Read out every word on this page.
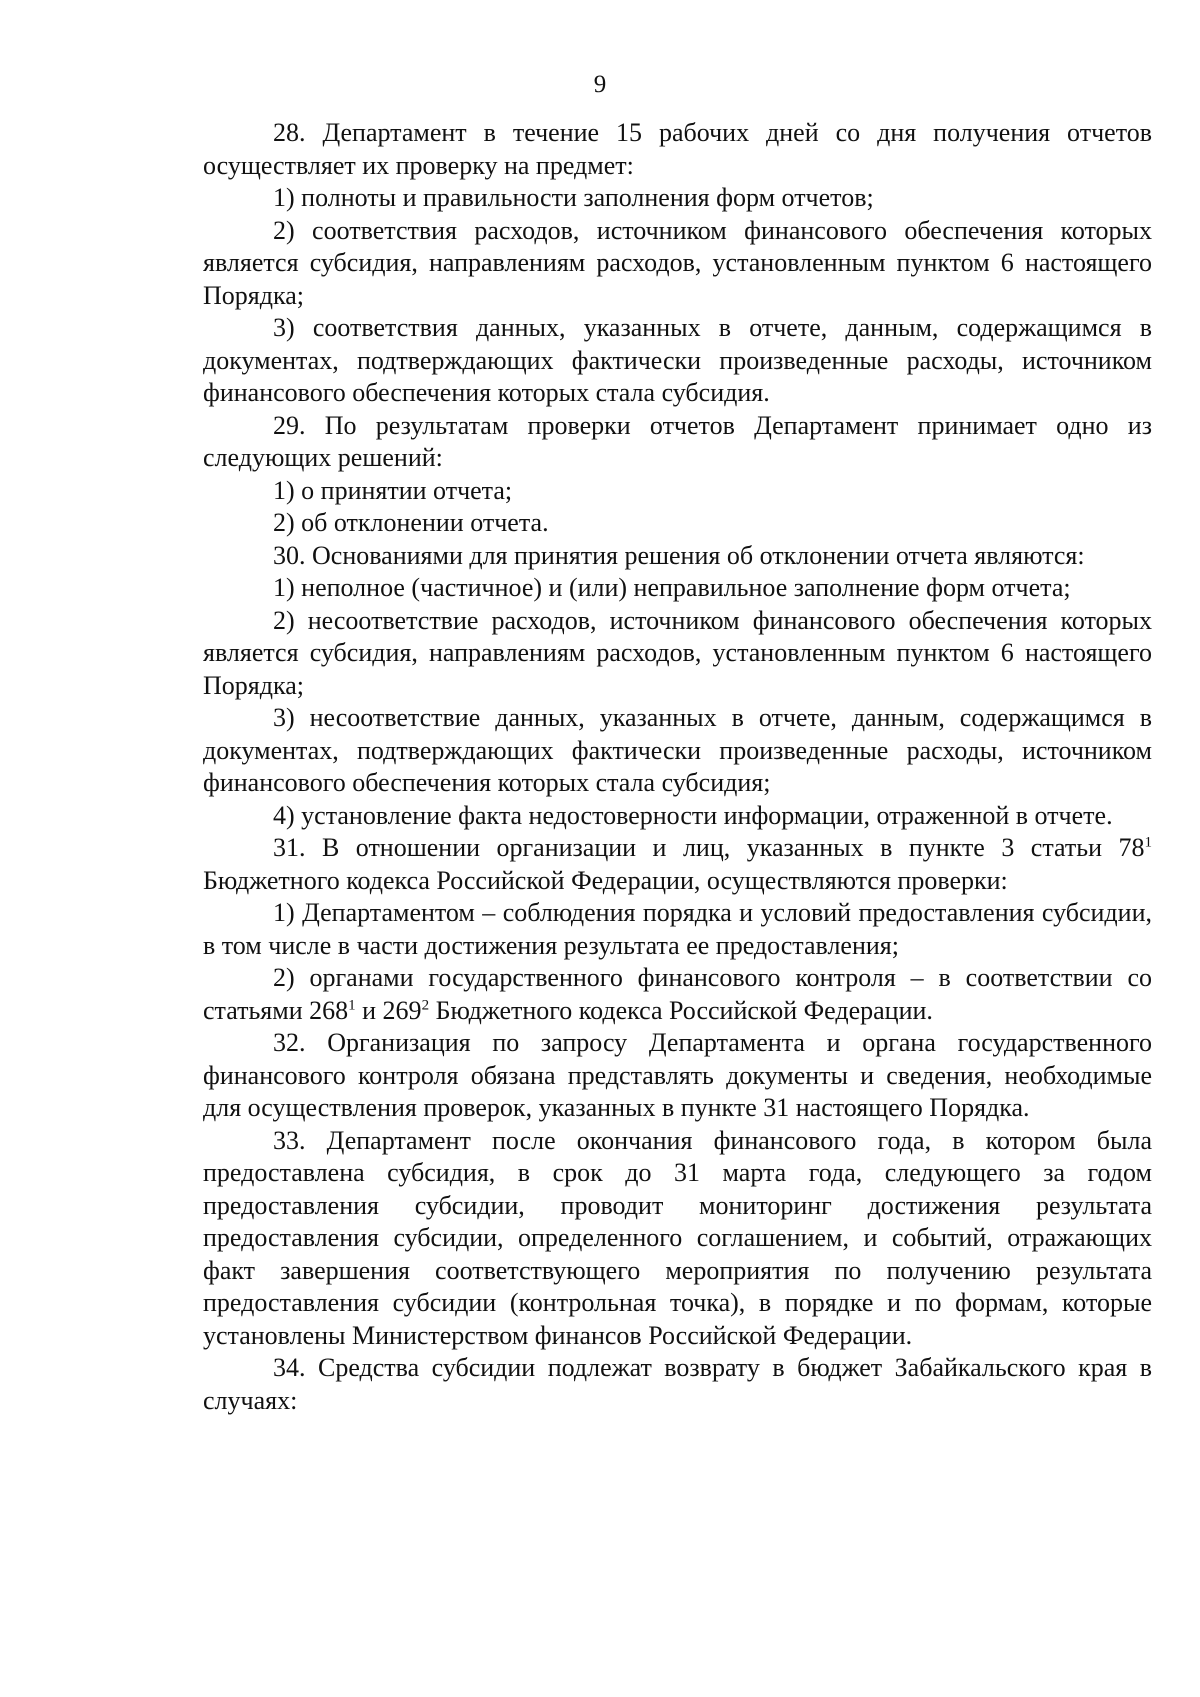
9

28. Департамент в течение 15 рабочих дней со дня получения отчетов осуществляет их проверку на предмет:

1) полноты и правильности заполнения форм отчетов;

2) соответствия расходов, источником финансового обеспечения которых является субсидия, направлениям расходов, установленным пунктом 6 настоящего Порядка;

3) соответствия данных, указанных в отчете, данным, содержащимся в документах, подтверждающих фактически произведенные расходы, источником финансового обеспечения которых стала субсидия.

29. По результатам проверки отчетов Департамент принимает одно из следующих решений:

1) о принятии отчета;

2) об отклонении отчета.

30. Основаниями для принятия решения об отклонении отчета являются:

1) неполное (частичное) и (или) неправильное заполнение форм отчета;

2) несоответствие расходов, источником финансового обеспечения которых является субсидия, направлениям расходов, установленным пунктом 6 настоящего Порядка;

3) несоответствие данных, указанных в отчете, данным, содержащимся в документах, подтверждающих фактически произведенные расходы, источником финансового обеспечения которых стала субсидия;

4) установление факта недостоверности информации, отраженной в отчете.

31. В отношении организации и лиц, указанных в пункте 3 статьи $78^1$ Бюджетного кодекса Российской Федерации, осуществляются проверки:

1) Департаментом – соблюдения порядка и условий предоставления субсидии, в том числе в части достижения результата ее предоставления;

2) органами государственного финансового контроля – в соответствии со статьями $268^1$ и $269^2$ Бюджетного кодекса Российской Федерации.

32. Организация по запросу Департамента и органа государственного финансового контроля обязана представлять документы и сведения, необходимые для осуществления проверок, указанных в пункте 31 настоящего Порядка.

33. Департамент после окончания финансового года, в котором была предоставлена субсидия, в срок до 31 марта года, следующего за годом предоставления субсидии, проводит мониторинг достижения результата предоставления субсидии, определенного соглашением, и событий, отражающих факт завершения соответствующего мероприятия по получению результата предоставления субсидии (контрольная точка), в порядке и по формам, которые установлены Министерством финансов Российской Федерации.

34. Средства субсидии подлежат возврату в бюджет Забайкальского края в случаях:
